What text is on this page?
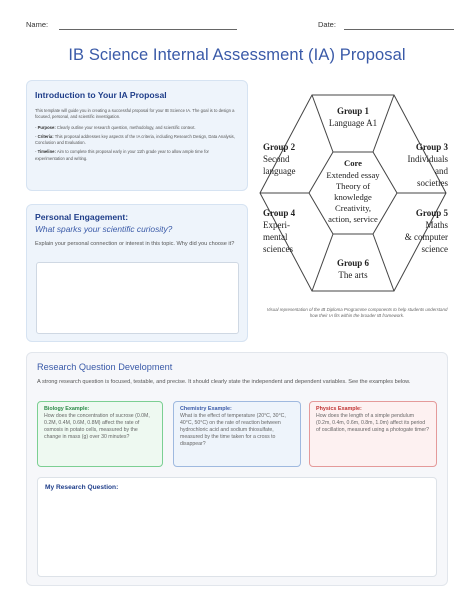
Name:	Date:
IB Science Internal Assessment (IA) Proposal
Introduction to Your IA Proposal
This template will guide you in creating a successful proposal for your IB Science IA. The goal is to design a focused, personal, and scientific investigation.
- Purpose: Clearly outline your research question, methodology, and scientific context.
- Criteria: This proposal addresses key aspects of the IA criteria, including Research Design, Data Analysis, Conclusion and Evaluation.
- Timeline: Aim to complete this proposal early in your 11th grade year to allow ample time for experimentation and writing.
Personal Engagement:
What sparks your scientific curiosity?
Explain your personal connection or interest in this topic. Why did you choose it?
Group 1
Language A1
Group 2
Second
language
Group 3
Individuals
and
societies
Group 4
Experi-
mental
sciences
Group 5
Maths
& computer
science
Group 6
The arts
Core
Extended essay
Theory of
knowledge
Creativity,
action, service
Visual representation of the IB Diploma Programme components to help students understand how their IA fits within the broader IB framework.
Research Question Development
A strong research question is focused, testable, and precise. It should clearly state the independent and dependent variables. See the examples below.
Biology Example:
How does the concentration of sucrose (0.0M, 0.2M, 0.4M, 0.6M, 0.8M) affect the rate of osmosis in potato cells, measured by the change in mass (g) over 30 minutes?
Chemistry Example:
What is the effect of temperature (20°C, 30°C, 40°C, 50°C) on the rate of reaction between hydrochloric acid and sodium thiosulfate, measured by the time taken for a cross to disappear?
Physics Example:
How does the length of a simple pendulum (0.2m, 0.4m, 0.6m, 0.8m, 1.0m) affect its period of oscillation, measured using a photogate timer?
My Research Question:
